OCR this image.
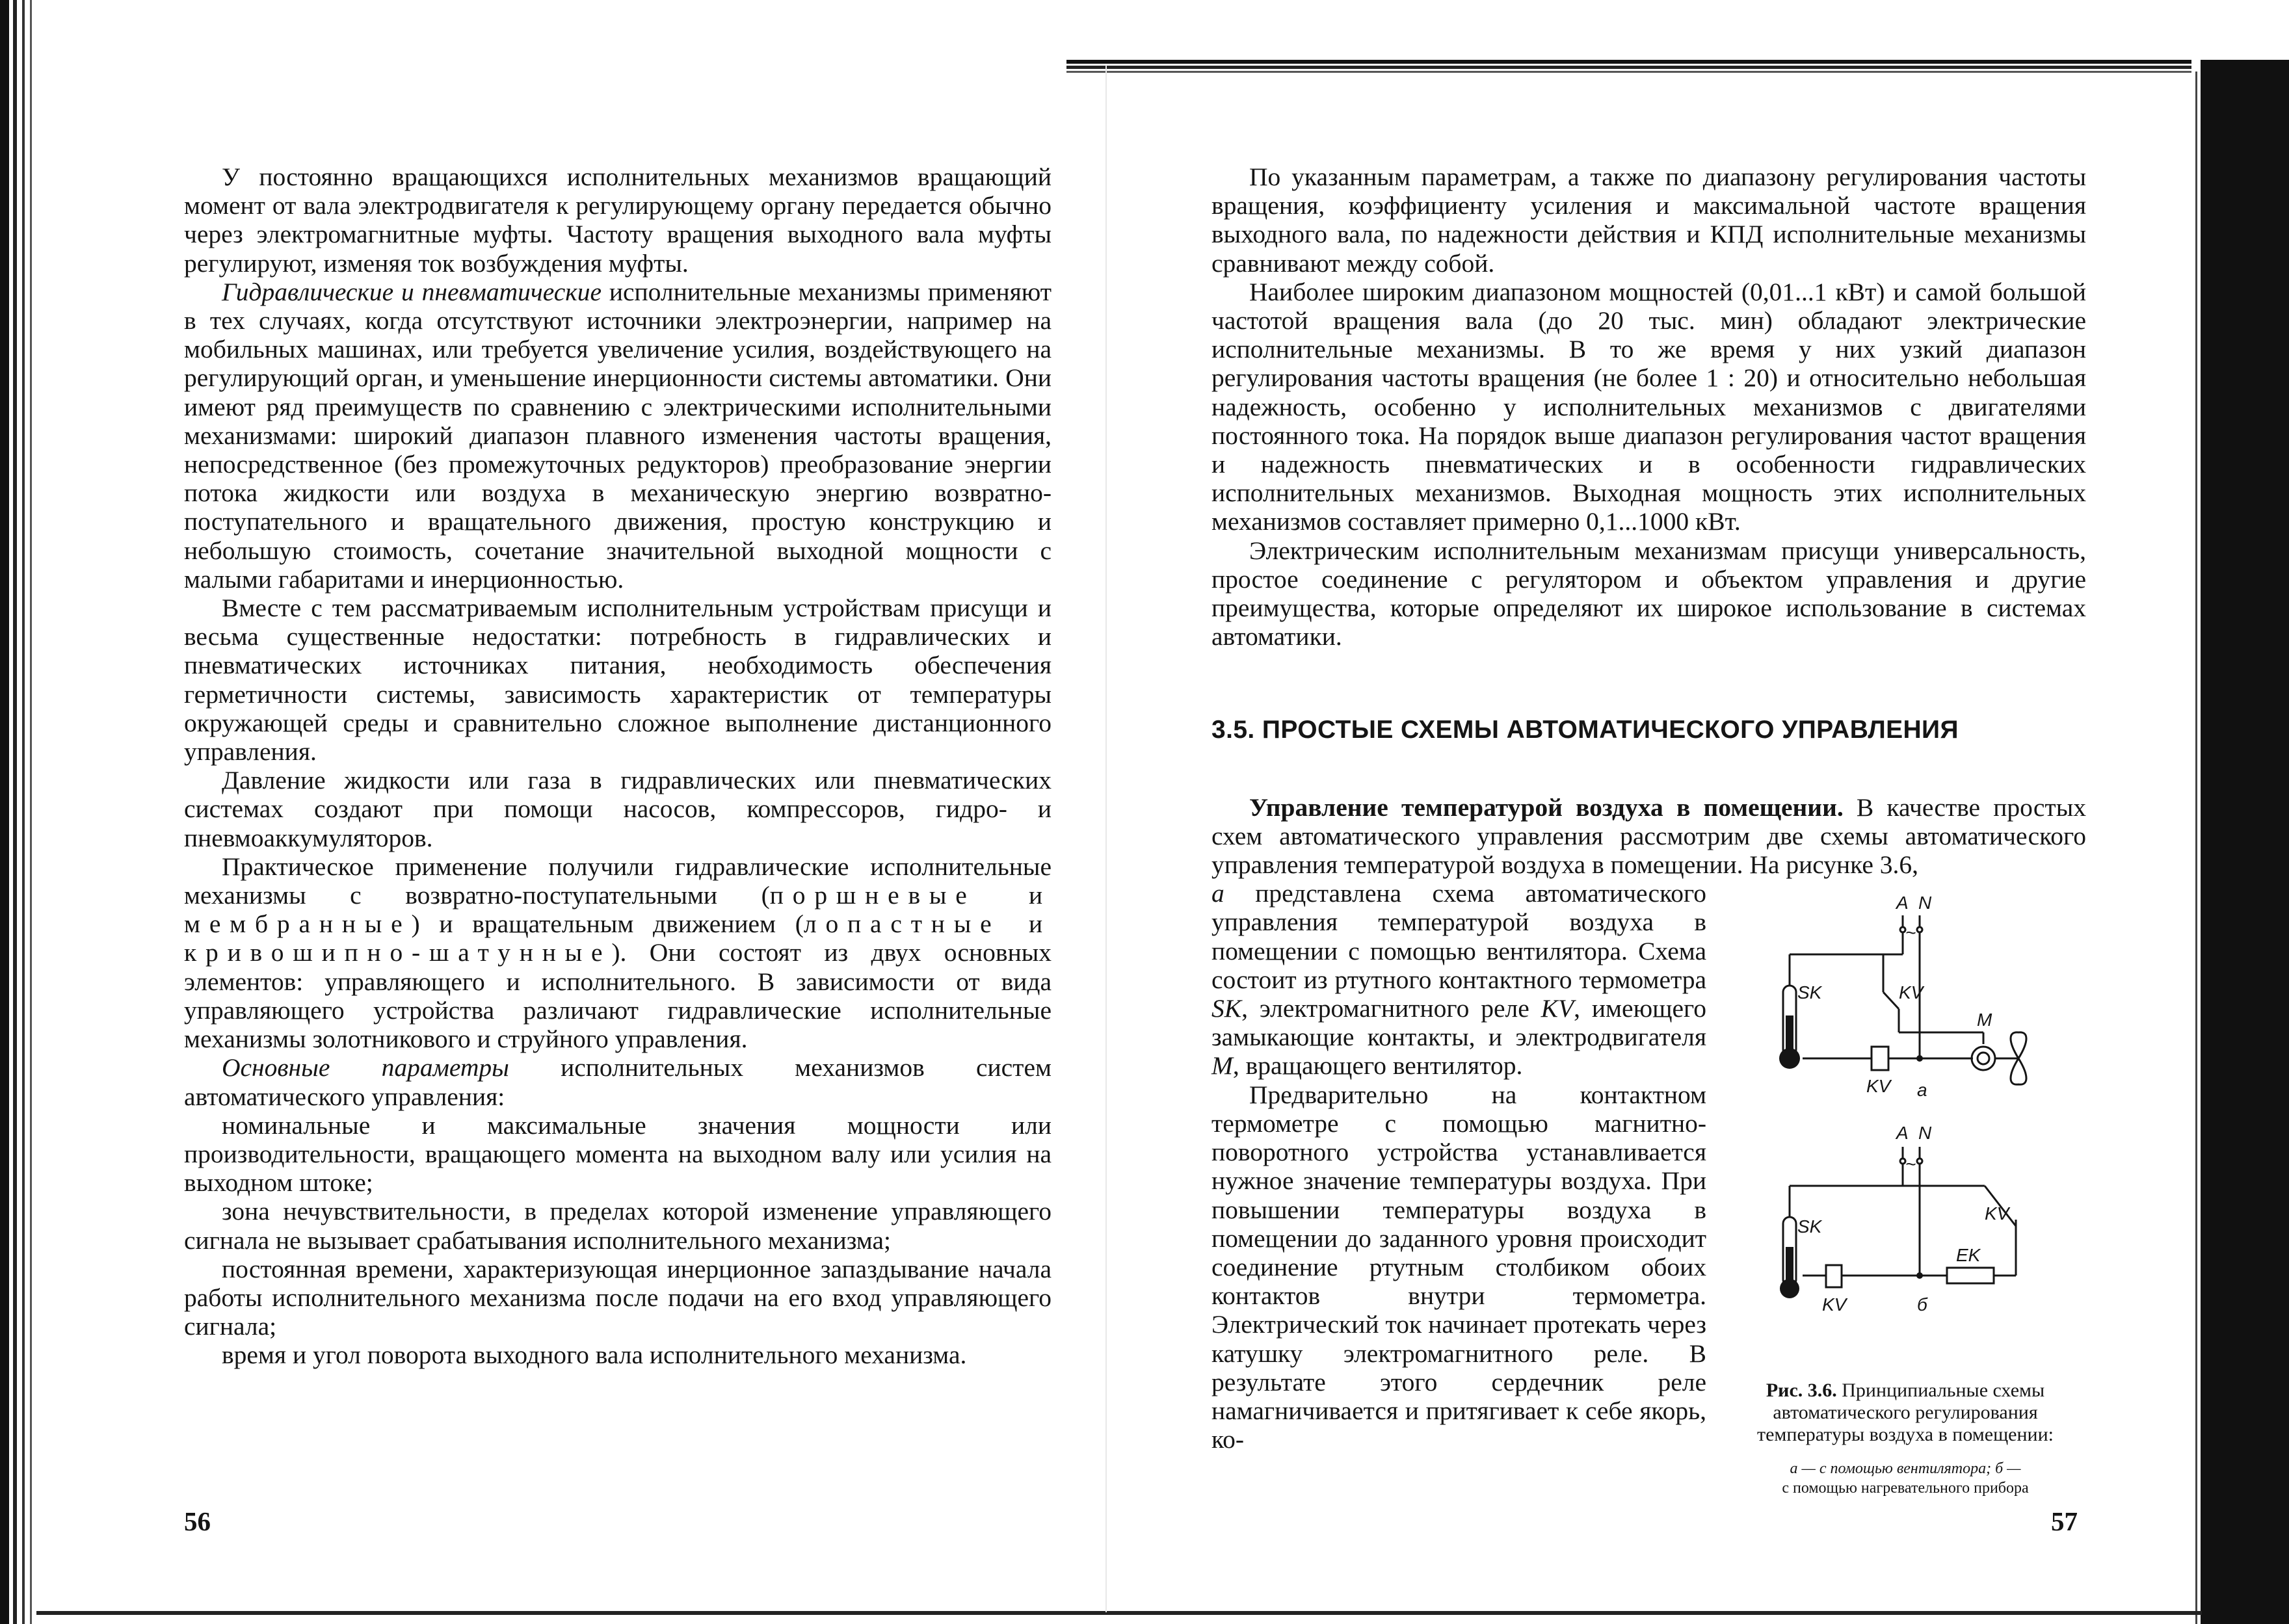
У постоянно вращающихся исполнительных механизмов вращающий момент от вала электродвигателя к регулирующему органу передается обычно через электромагнитные муфты. Частоту вращения выходного вала муфты регулируют, изменяя ток возбуждения муфты.

Гидравлические и пневматические исполнительные механизмы применяют в тех случаях, когда отсутствуют источники электроэнергии, например на мобильных машинах, или требуется увеличение усилия, воздействующего на регулирующий орган, и уменьшение инерционности системы автоматики. Они имеют ряд преимуществ по сравнению с электрическими исполнительными механизмами: широкий диапазон плавного изменения частоты вращения, непосредственное (без промежуточных редукторов) преобразование энергии потока жидкости или воздуха в механическую энергию возвратно-поступательного и вращательного движения, простую конструкцию и небольшую стоимость, сочетание значительной выходной мощности с малыми габаритами и инерционностью.

Вместе с тем рассматриваемым исполнительным устройствам присущи и весьма существенные недостатки: потребность в гидравлических и пневматических источниках питания, необходимость обеспечения герметичности системы, зависимость характеристик от температуры окружающей среды и сравнительно сложное выполнение дистанционного управления.

Давление жидкости или газа в гидравлических или пневматических системах создают при помощи насосов, компрессоров, гидро- и пневмоаккумуляторов.

Практическое применение получили гидравлические исполнительные механизмы с возвратно-поступательными (поршневые и мембранные) и вращательным движением (лопастные и кривошипно-шатунные). Они состоят из двух основных элементов: управляющего и исполнительного. В зависимости от вида управляющего устройства различают гидравлические исполнительные механизмы золотникового и струйного управления.

Основные параметры исполнительных механизмов систем автоматического управления:

номинальные и максимальные значения мощности или производительности, вращающего момента на выходном валу или усилия на выходном штоке;

зона нечувствительности, в пределах которой изменение управляющего сигнала не вызывает срабатывания исполнительного механизма;

постоянная времени, характеризующая инерционное запаздывание начала работы исполнительного механизма после подачи на его вход управляющего сигнала;

время и угол поворота выходного вала исполнительного механизма.

56

По указанным параметрам, а также по диапазону регулирования частоты вращения, коэффициенту усиления и максимальной частоте вращения выходного вала, по надежности действия и КПД исполнительные механизмы сравнивают между собой.

Наиболее широким диапазоном мощностей (0,01...1 кВт) и самой большой частотой вращения вала (до 20 тыс. мин) обладают электрические исполнительные механизмы. В то же время у них узкий диапазон регулирования частоты вращения (не более 1 : 20) и относительно небольшая надежность, особенно у исполнительных механизмов с двигателями постоянного тока. На порядок выше диапазон регулирования частот вращения и надежность пневматических и в особенности гидравлических исполнительных механизмов. Выходная мощность этих исполнительных механизмов составляет примерно 0,1...1000 кВт.

Электрическим исполнительным механизмам присущи универсальность, простое соединение с регулятором и объектом управления и другие преимущества, которые определяют их широкое использование в системах автоматики.

3.5. ПРОСТЫЕ СХЕМЫ АВТОМАТИЧЕСКОГО УПРАВЛЕНИЯ

Управление температурой воздуха в помещении. В качестве простых схем автоматического управления рассмотрим две схемы автоматического управления температурой воздуха в помещении. На рисунке 3.6,

A N
~
SK	KV
M
KV а
A N
~
SK
KV
EK
KV	б
Рис. 3.6. Принципиальные схемы автоматического регулирования температуры воздуха в помещении:
а — с помощью вентилятора; б —
с помощью нагревательного прибора

а представлена схема автоматического управления температурой воздуха в помещении с помощью вентилятора. Схема состоит из ртутного контактного термометра SK, электромагнитного реле KV, имеющего замыкающие контакты, и электродвигателя M, вращающего вентилятор.

Предварительно на контактном термометре с помощью магнитно-поворотного устройства устанавливается нужное значение температуры воздуха. При повышении температуры воздуха в помещении до заданного уровня происходит соединение ртутным столбиком обоих контактов внутри термометра. Электрический ток начинает протекать через катушку электромагнитного реле. В результате этого сердечник реле намагничивается и притягивает к себе якорь, ко-

57
